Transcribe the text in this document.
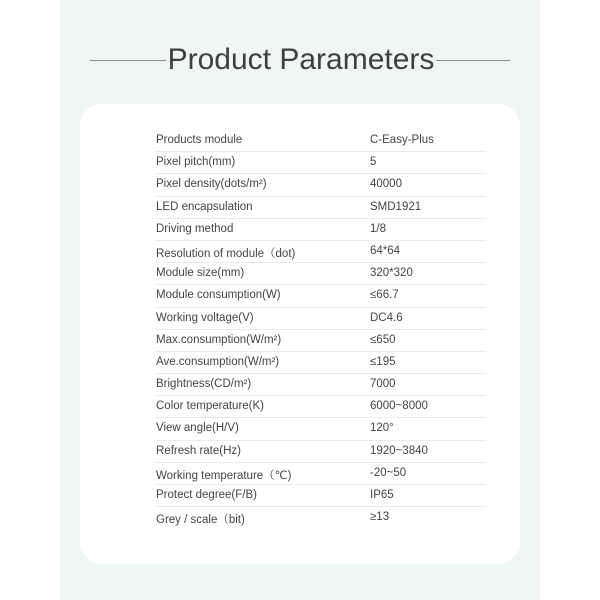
Product Parameters
Products module	C-Easy-Plus
Pixel pitch(mm)	5
Pixel density(dots/m²)	40000
LED encapsulation	SMD1921
Driving method	1/8
Resolution of module（dot)	64*64
Module size(mm)	320*320
Module consumption(W)	≤66.7
Working voltage(V)	DC4.6
Max.consumption(W/m²)	≤650
Ave.consumption(W/m²)	≤195
Brightness(CD/m²)	7000
Color temperature(K)	6000~8000
View angle(H/V)	120°
Refresh rate(Hz)	1920~3840
Working temperature（℃)	-20~50
Protect degree(F/B)	IP65
Grey / scale（bit)	≥13
